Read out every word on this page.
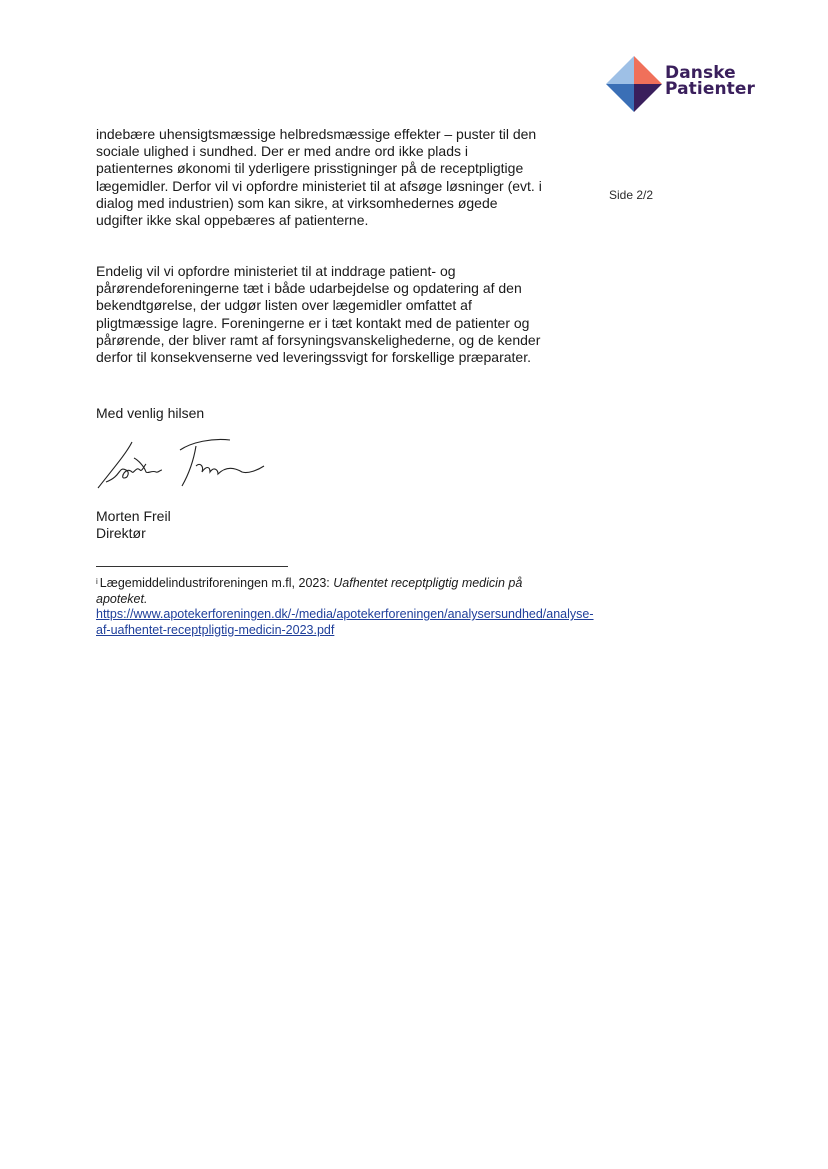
Danske
Patienter
Side 2/2

indebære uhensigtsmæssige helbredsmæssige effekter – puster til den sociale ulighed i sundhed. Der er med andre ord ikke plads i patienternes økonomi til yderligere prisstigninger på de receptpligtige lægemidler. Derfor vil vi opfordre ministeriet til at afsøge løsninger (evt. i dialog med industrien) som kan sikre, at virksomhedernes øgede udgifter ikke skal oppebæres af patienterne.

Endelig vil vi opfordre ministeriet til at inddrage patient- og pårørendeforeningerne tæt i både udarbejdelse og opdatering af den bekendtgørelse, der udgør listen over lægemidler omfattet af pligtmæssige lagre. Foreningerne er i tæt kontakt med de patienter og pårørende, der bliver ramt af forsyningsvanskelighederne, og de kender derfor til konsekvenserne ved leveringssvigt for forskellige præparater.

Med venlig hilsen

Morten Freil
Direktør
$^i$ Lægemiddelindustriforeningen m.fl, 2023: Uafhentet receptpligtig medicin på apoteket. https://www.apotekerforeningen.dk/-/media/apotekerforeningen/analysersundhed/analyse-af-uafhentet-receptpligtig-medicin-2023.pdf
